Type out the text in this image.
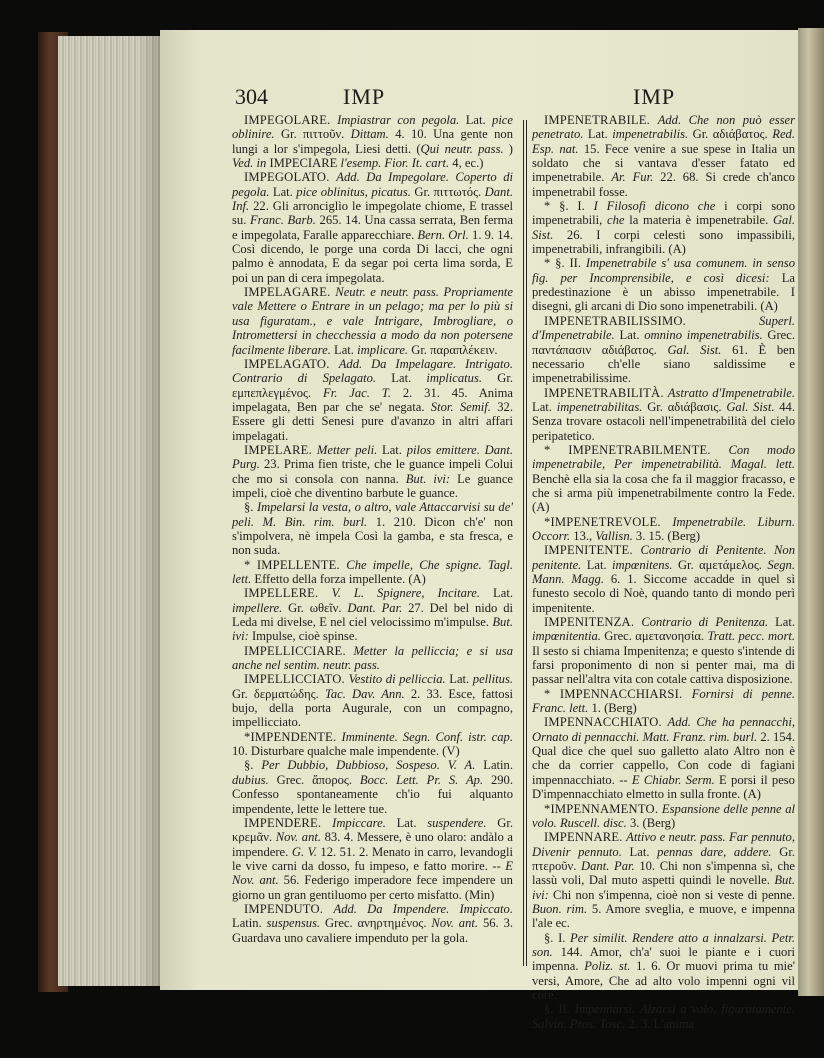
304	IMP	IMP

IMPEGOLARE. Impiastrar con pegola. Lat. pice oblinire. Gr. πιττοῦν. Dittam. 4. 10. Una gente non lungi a lor s'impegola, Liesi detti. (Qui neutr. pass. ) Ved. in IMPECIARE l'esemp. Fior. It. cart. 4, ec.)

IMPEGOLATO. Add. Da Impegolare. Coperto di pegola. Lat. pice oblinitus, picatus. Gr. πιττωτός. Dant. Inf. 22. Gli arronciglìo le impegolate chiome, E trassel su. Franc. Barb. 265. 14. Una cassa serrata, Ben ferma e impegolata, Faralle apparecchiare. Bern. Orl. 1. 9. 14. Così dicendo, le porge una corda Di lacci, che ogni palmo è annodata, E da segar poi certa lima sorda, E poi un pan di cera impegolata.

IMPELAGARE. Neutr. e neutr. pass. Propriamente vale Mettere o Entrare in un pelago; ma per lo più si usa figuratam., e vale Intrigare, Imbrogliare, o Intromettersi in checchessia a modo da non potersene facilmente liberare. Lat. implicare. Gr. παραπλέκειν.

IMPELAGATO. Add. Da Impelagare. Intrigato. Contrario di Spelagato. Lat. implicatus. Gr. εμπεπλεγμένος. Fr. Jac. T. 2. 31. 45. Anima impelagata, Ben par che se' negata. Stor. Semif. 32. Essere gli detti Senesi pure d'avanzo in altri affari impelagati.

IMPELARE. Metter peli. Lat. pilos emittere. Dant. Purg. 23. Prima fien triste, che le guance impeli Colui che mo si consola con nanna. But. ivi: Le guance impeli, cioè che diventino barbute le guance.

§. Impelarsi la vesta, o altro, vale Attaccarvisi su de' peli. M. Bin. rim. burl. 1. 210. Dicon ch'e' non s'impolvera, nè impela Così la gamba, e sta fresca, e non suda.

* IMPELLENTE. Che impelle, Che spigne. Tagl. lett. Effetto della forza impellente. (A)

IMPELLERE. V. L. Spignere, Incitare. Lat. impellere. Gr. ωθεῖν. Dant. Par. 27. Del bel nido di Leda mi divelse, E nel ciel velocissimo m'impulse. But. ivi: Impulse, cioè spinse.

IMPELLICCIARE. Metter la pelliccia; e si usa anche nel sentim. neutr. pass.

IMPELLICCIATO. Vestito di pelliccia. Lat. pellitus. Gr. δερματώδης. Tac. Dav. Ann. 2. 33. Esce, fattosi bujo, della porta Augurale, con un compagno, impellicciato.

*IMPENDENTE. Imminente. Segn. Conf. istr. cap. 10. Disturbare qualche male impendente. (V)

§. Per Dubbio, Dubbioso, Sospeso. V. A. Latin. dubius. Grec. ἄπορος. Bocc. Lett. Pr. S. Ap. 290. Confesso spontaneamente ch'io fui alquanto impendente, lette le lettere tue.

IMPENDERE. Impiccare. Lat. suspendere. Gr. κρεμᾶν. Nov. ant. 83. 4. Messere, è uno olaro: andàlo a impendere. G. V. 12. 51. 2. Menato in carro, levandogli le vive carni da dosso, fu impeso, e fatto morire. -- E Nov. ant. 56. Federigo imperadore fece impendere un giorno un gran gentiluomo per certo misfatto. (Min)

IMPENDUTO. Add. Da Impendere. Impiccato. Latin. suspensus. Grec. ανηρτημένος. Nov. ant. 56. 3. Guardava uno cavaliere impenduto per la gola.

IMPENETRABILE. Add. Che non può esser penetrato. Lat. impenetrabilis. Gr. αδιάβατος. Red. Esp. nat. 15. Fece venire a sue spese in Italia un soldato che si vantava d'esser fatato ed impenetrabile. Ar. Fur. 22. 68. Si crede ch'anco impenetrabil fosse.

* §. I. I Filosofi dicono che i corpi sono impenetrabili, che la materia è impenetrabile. Gal. Sist. 26. I corpi celesti sono impassibili, impenetrabili, infrangibili. (A)

* §. II. Impenetrabile s' usa comunem. in senso fig. per Incomprensibile, e così dicesi: La predestinazione è un abisso impenetrabile. I disegni, gli arcani di Dio sono impenetrabili. (A)

IMPENETRABILISSIMO. Superl. d'Impenetrabile. Lat. omnino impenetrabilis. Grec. παντάπασιν αδιάβατος. Gal. Sist. 61. È ben necessario ch'elle siano saldissime e impenetrabilissime.

IMPENETRABILITÀ. Astratto d'Impenetrabile. Lat. impenetrabilitas. Gr. αδιάβασις. Gal. Sist. 44. Senza trovare ostacoli nell'impenetrabilità del cielo peripatetico.

* IMPENETRABILMENTE. Con modo impenetrabile, Per impenetrabilità. Magal. lett. Benchè ella sia la cosa che fa il maggior fracasso, e che si arma più impenetrabilmente contro la Fede. (A)

*IMPENETREVOLE. Impenetrabile. Liburn. Occorr. 13., Vallisn. 3. 15. (Berg)

IMPENITENTE. Contrario di Penitente. Non penitente. Lat. impœnitens. Gr. αμετάμελος. Segn. Mann. Magg. 6. 1. Siccome accadde in quel sì funesto secolo di Noè, quando tanto di mondo perì impenitente.

IMPENITENZA. Contrario di Penitenza. Lat. impœnitentia. Grec. αμετανοησία. Tratt. pecc. mort. Il sesto si chiama Impenitenza; e questo s'intende di farsi proponimento di non si penter mai, ma di passar nell'altra vita con cotale cattiva disposizione.

* IMPENNACCHIARSI. Fornirsi di penne. Franc. lett. 1. (Berg)

IMPENNACCHIATO. Add. Che ha pennacchi, Ornato di pennacchi. Matt. Franz. rim. burl. 2. 154. Qual dice che quel suo galletto alato Altro non è che da corrier cappello, Con code di fagiani impennacchiato. -- E Chiabr. Serm. E porsi il peso D'impennacchiato elmetto in sulla fronte. (A)

*IMPENNAMENTO. Espansione delle penne al volo. Ruscell. disc. 3. (Berg)

IMPENNARE. Attivo e neutr. pass. Far pennuto, Divenir pennuto. Lat. pennas dare, addere. Gr. πτεροῦν. Dant. Par. 10. Chi non s'impenna sì, che lassù voli, Dal muto aspetti quindi le novelle. But. ivi: Chi non s'impenna, cioè non si veste di penne. Buon. rim. 5. Amore sveglia, e muove, e impenna l'ale ec.

§. I. Per similit. Rendere atto a innalzarsi. Petr. son. 144. Amor, ch'a' suoi le piante e i cuori impenna. Poliz. st. 1. 6. Or muovi prima tu mie' versi, Amore, Che ad alto volo impenni ogni vil core.

§. II. Impennarsi. Alzarsi a volo, figuratamente. Salvin. Pros. Tosc. 2. 3. L'anima
